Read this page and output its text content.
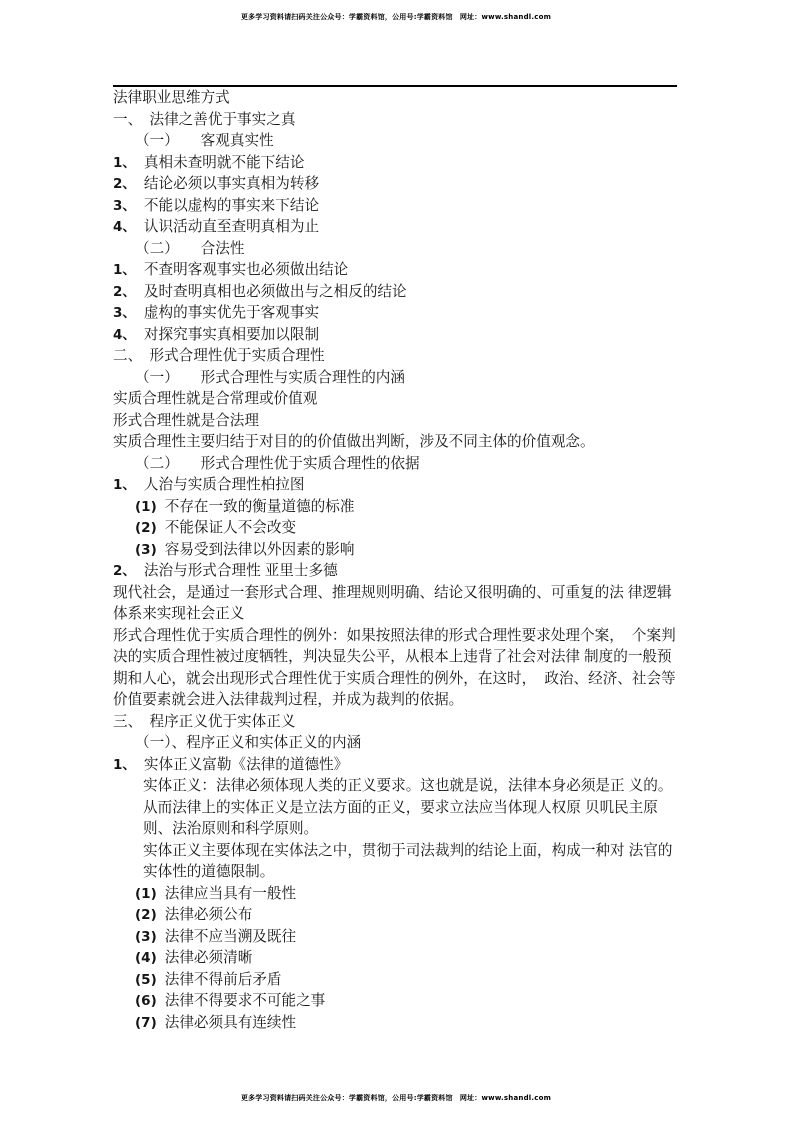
更多学习资料请扫码关注公众号：学霸资料馆，公用号:学霸资料馆　网址：www.shandl.com
法律职业思维方式
一、　法律之善优于事实之真
（一）　　客观真实性
1、 真相未查明就不能下结论
2、 结论必须以事实真相为转移
3、 不能以虚构的事实来下结论
4、 认识活动直至查明真相为止
（二）　　合法性
1、 不查明客观事实也必须做出结论
2、 及时查明真相也必须做出与之相反的结论
3、 虚构的事实优先于客观事实
4、 对探究事实真相要加以限制
二、　形式合理性优于实质合理性
（一）　　形式合理性与实质合理性的内涵
实质合理性就是合常理或价值观
形式合理性就是合法理
实质合理性主要归结于对目的的价值做出判断，涉及不同主体的价值观念。
（二）　　形式合理性优于实质合理性的依据
1、 人治与实质合理性柏拉图
(1) 不存在一致的衡量道德的标准
(2) 不能保证人不会改变
(3) 容易受到法律以外因素的影响
2、 法治与形式合理性 亚里士多德
现代社会，是通过一套形式合理、推理规则明确、结论又很明确的、可重复的法 律逻辑
体系来实现社会正义
形式合理性优于实质合理性的例外：如果按照法律的形式合理性要求处理个案，  个案判
决的实质合理性被过度牺牲，判决显失公平，从根本上违背了社会对法律 制度的一般预
期和人心，就会出现形式合理性优于实质合理性的例外，在这时，  政治、经济、社会等
价值要素就会进入法律裁判过程，并成为裁判的依据。
三、　程序正义优于实体正义
（一）、程序正义和实体正义的内涵
1、 实体正义富勒《法律的道德性》
实体正义：法律必须体现人类的正义要求。这也就是说，法律本身必须是正 义的。
从而法律上的实体正义是立法方面的正义，要求立法应当体现人权原 贝叽民主原
则、法治原则和科学原则。
实体正义主要体现在实体法之中，贯彻于司法裁判的结论上面，构成一种对 法官的
实体性的道德限制。
(1) 法律应当具有一般性
(2) 法律必须公布
(3) 法律不应当溯及既往
(4) 法律必须清晰
(5) 法律不得前后矛盾
(6) 法律不得要求不可能之事
(7) 法律必须具有连续性
更多学习资料请扫码关注公众号：学霸资料馆，公用号:学霸资料馆　网址：www.shandl.com
